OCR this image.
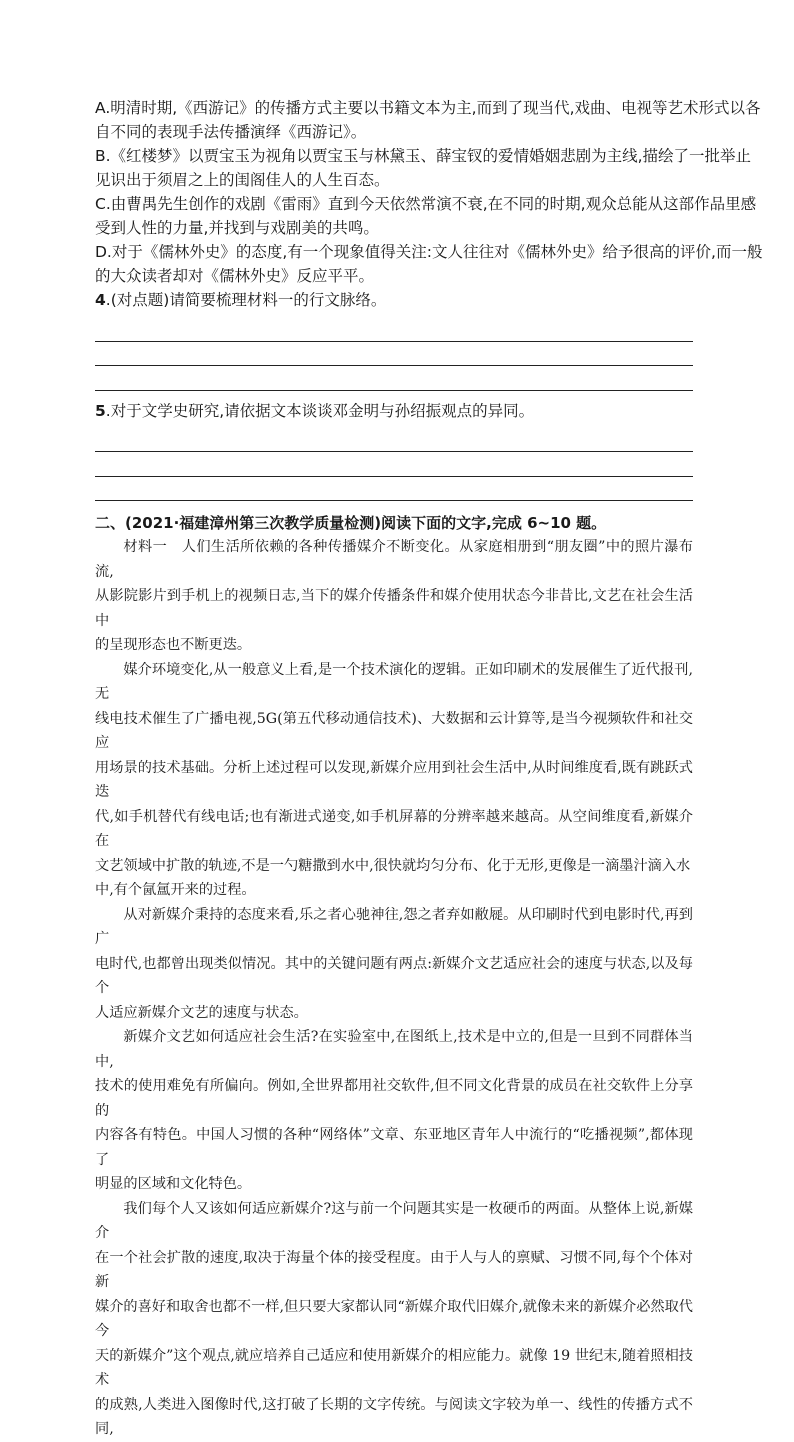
A.明清时期,《西游记》的传播方式主要以书籍文本为主,而到了现当代,戏曲、电视等艺术形式以各

自不同的表现手法传播演绎《西游记》。

B.《红楼梦》以贾宝玉为视角以贾宝玉与林黛玉、薛宝钗的爱情婚姻悲剧为主线,描绘了一批举止

见识出于须眉之上的闺阁佳人的人生百态。

C.由曹禺先生创作的戏剧《雷雨》直到今天依然常演不衰,在不同的时期,观众总能从这部作品里感

受到人性的力量,并找到与戏剧美的共鸣。

D.对于《儒林外史》的态度,有一个现象值得关注:文人往往对《儒林外史》给予很高的评价,而一般

的大众读者却对《儒林外史》反应平平。

4.(对点题)请简要梳理材料一的行文脉络。

5.对于文学史研究,请依据文本谈谈邓金明与孙绍振观点的异同。

二、(2021·福建漳州第三次教学质量检测)阅读下面的文字,完成 6~10 题。

材料一　人们生活所依赖的各种传播媒介不断变化。从家庭相册到“朋友圈”中的照片瀑布流,
从影院影片到手机上的视频日志,当下的媒介传播条件和媒介使用状态今非昔比,文艺在社会生活中
的呈现形态也不断更迭。
媒介环境变化,从一般意义上看,是一个技术演化的逻辑。正如印刷术的发展催生了近代报刊,无
线电技术催生了广播电视,5G(第五代移动通信技术)、大数据和云计算等,是当今视频软件和社交应
用场景的技术基础。分析上述过程可以发现,新媒介应用到社会生活中,从时间维度看,既有跳跃式迭
代,如手机替代有线电话;也有渐进式递变,如手机屏幕的分辨率越来越高。从空间维度看,新媒介在
文艺领域中扩散的轨迹,不是一勺糖撒到水中,很快就均匀分布、化于无形,更像是一滴墨汁滴入水
中,有个氤氲开来的过程。
从对新媒介秉持的态度来看,乐之者心驰神往,怨之者弃如敝屣。从印刷时代到电影时代,再到广
电时代,也都曾出现类似情况。其中的关键问题有两点:新媒介文艺适应社会的速度与状态,以及每个
人适应新媒介文艺的速度与状态。
新媒介文艺如何适应社会生活?在实验室中,在图纸上,技术是中立的,但是一旦到不同群体当中,
技术的使用难免有所偏向。例如,全世界都用社交软件,但不同文化背景的成员在社交软件上分享的
内容各有特色。中国人习惯的各种“网络体”文章、东亚地区青年人中流行的“吃播视频”,都体现了
明显的区域和文化特色。
我们每个人又该如何适应新媒介?这与前一个问题其实是一枚硬币的两面。从整体上说,新媒介
在一个社会扩散的速度,取决于海量个体的接受程度。由于人与人的禀赋、习惯不同,每个个体对新
媒介的喜好和取舍也都不一样,但只要大家都认同“新媒介取代旧媒介,就像未来的新媒介必然取代今
天的新媒介”这个观点,就应培养自己适应和使用新媒介的相应能力。就像 19 世纪末,随着照相技术
的成熟,人类进入图像时代,这打破了长期的文字传统。与阅读文字较为单一、线性的传播方式不同,
